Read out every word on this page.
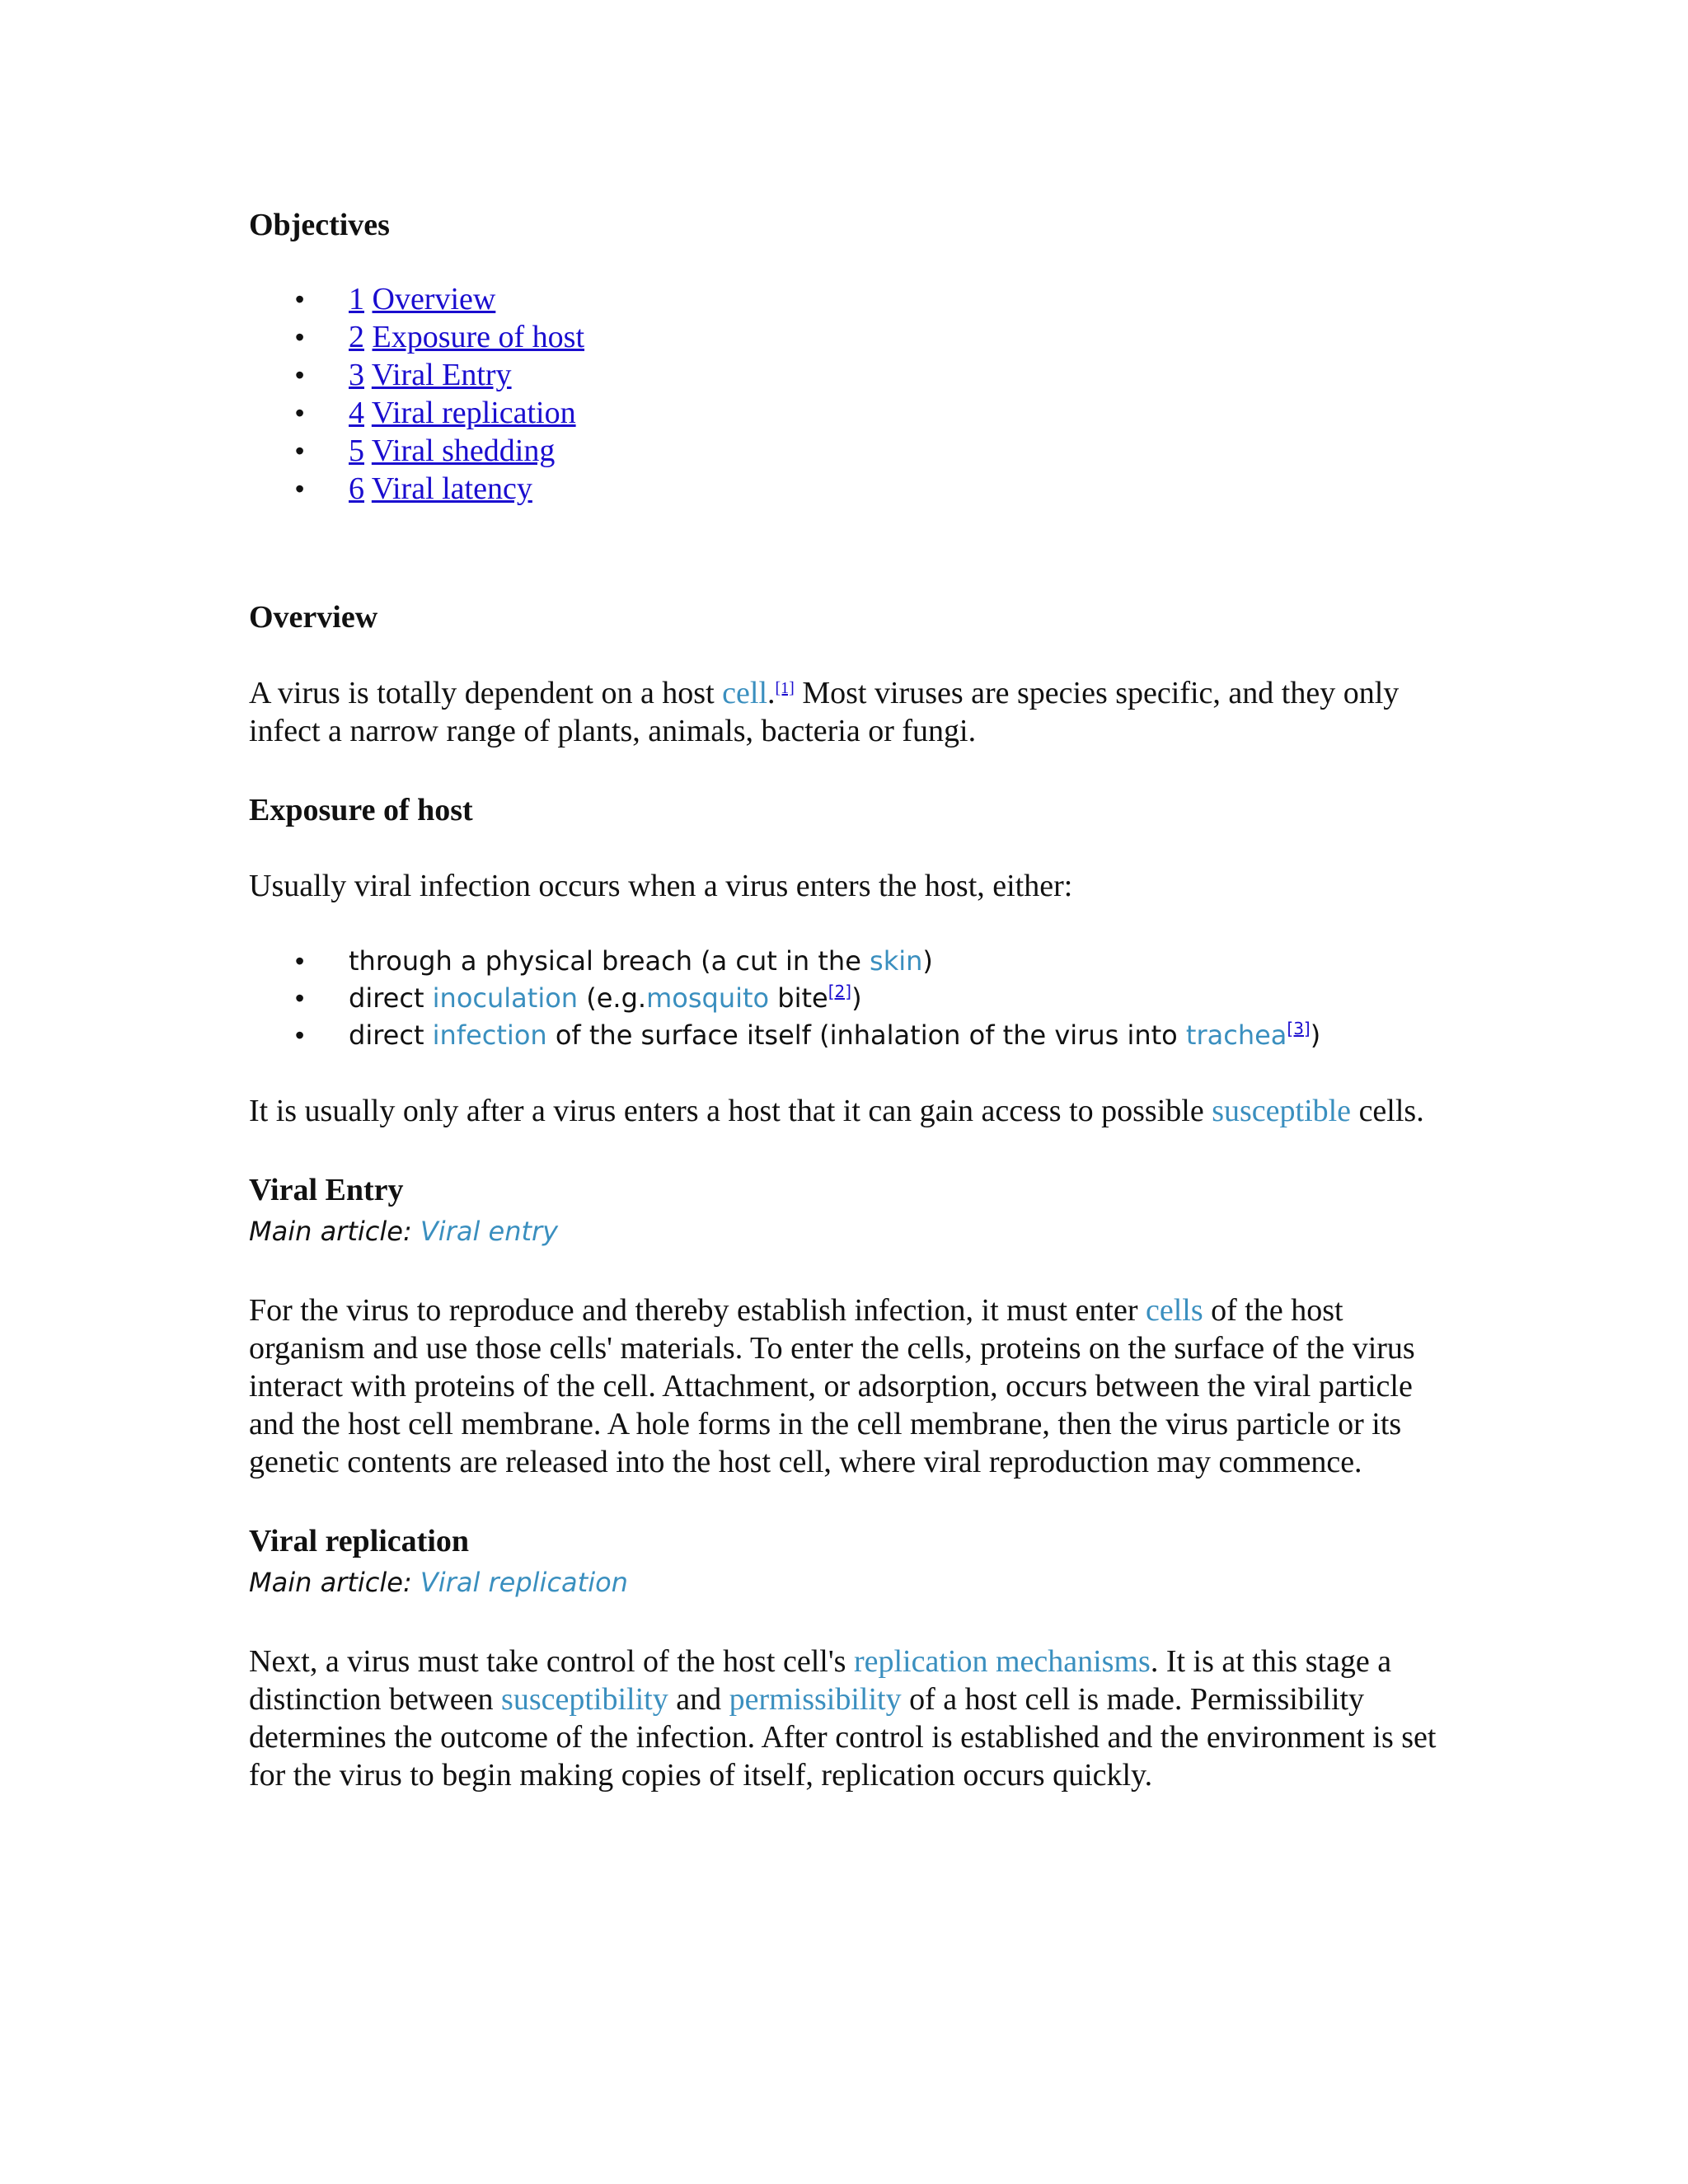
Objectives
• 1 Overview
• 2 Exposure of host
• 3 Viral Entry
• 4 Viral replication
• 5 Viral shedding
• 6 Viral latency
Overview

A virus is totally dependent on a host cell.[1] Most viruses are species specific, and they only infect a narrow range of plants, animals, bacteria or fungi.

Exposure of host

Usually viral infection occurs when a virus enters the host, either:

• through a physical breach (a cut in the skin)
• direct inoculation (e.g.mosquito bite[2])
• direct infection of the surface itself (inhalation of the virus into trachea[3])

It is usually only after a virus enters a host that it can gain access to possible susceptible cells.

Viral Entry

Main article: Viral entry

For the virus to reproduce and thereby establish infection, it must enter cells of the host organism and use those cells' materials. To enter the cells, proteins on the surface of the virus interact with proteins of the cell. Attachment, or adsorption, occurs between the viral particle and the host cell membrane. A hole forms in the cell membrane, then the virus particle or its genetic contents are released into the host cell, where viral reproduction may commence.

Viral replication

Main article: Viral replication

Next, a virus must take control of the host cell's replication mechanisms. It is at this stage a distinction between susceptibility and permissibility of a host cell is made. Permissibility determines the outcome of the infection. After control is established and the environment is set for the virus to begin making copies of itself, replication occurs quickly.
